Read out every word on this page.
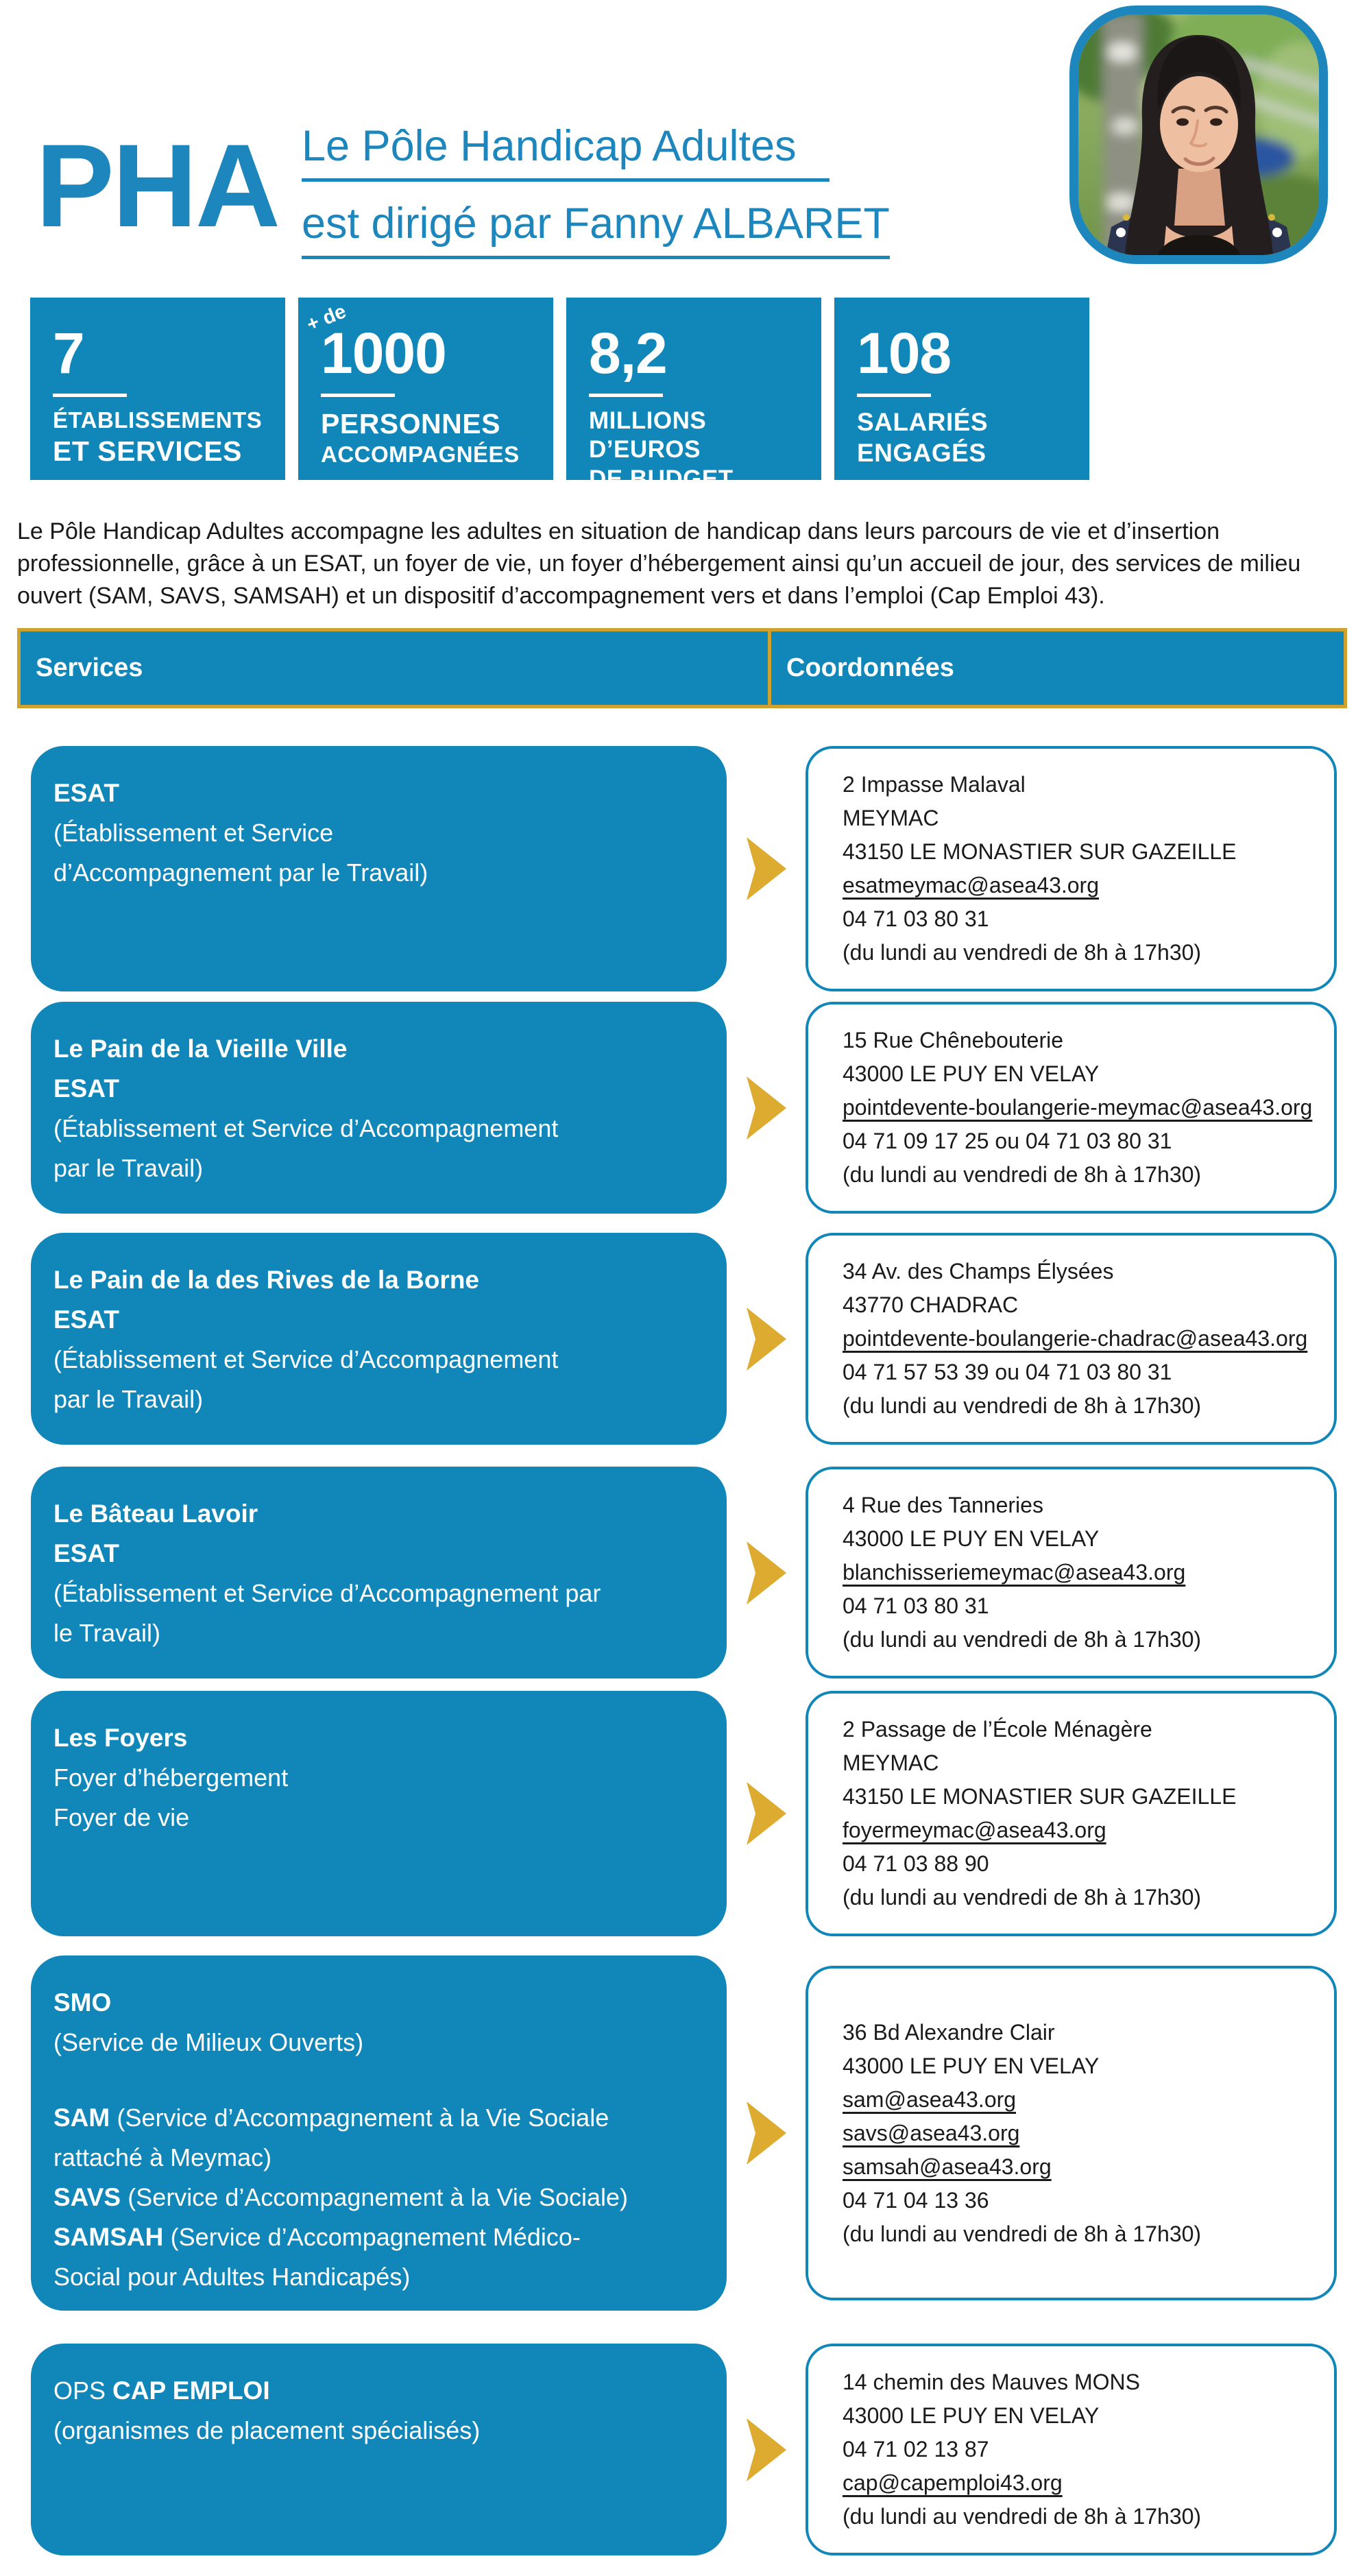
PHA Le Pôle Handicap Adultes
est dirigé par Fanny ALBARET
7
ÉTABLISSEMENTS
ET SERVICES
+ de
1000
PERSONNES
ACCOMPAGNÉES
8,2
MILLIONS
D’EUROS
DE BUDGET
108
SALARIÉS
ENGAGÉS

Le Pôle Handicap Adultes accompagne les adultes en situation de handicap dans leurs parcours de vie et d’insertion professionnelle, grâce à un ESAT, un foyer de vie, un foyer d’hébergement ainsi qu’un accueil de jour, des services de milieu ouvert (SAM, SAVS, SAMSAH) et un dispositif d’accompagnement vers et dans l’emploi (Cap Emploi 43).

Services	Coordonnées
ESAT
(Établissement et Service
d’Accompagnement par le Travail)
2 Impasse Malaval
MEYMAC
43150 LE MONASTIER SUR GAZEILLE
esatmeymac@asea43.org
04 71 03 80 31
(du lundi au vendredi de 8h à 17h30)
Le Pain de la Vieille Ville
ESAT
(Établissement et Service d’Accompagnement
par le Travail)
15 Rue Chênebouterie
43000 LE PUY EN VELAY
pointdevente-boulangerie-meymac@asea43.org
04 71 09 17 25 ou 04 71 03 80 31
(du lundi au vendredi de 8h à 17h30)
Le Pain de la des Rives de la Borne
ESAT
(Établissement et Service d’Accompagnement
par le Travail)
34 Av. des Champs Élysées
43770 CHADRAC
pointdevente-boulangerie-chadrac@asea43.org
04 71 57 53 39 ou 04 71 03 80 31
(du lundi au vendredi de 8h à 17h30)
Le Bâteau Lavoir
ESAT
(Établissement et Service d’Accompagnement par
le Travail)
4 Rue des Tanneries
43000 LE PUY EN VELAY
blanchisseriemeymac@asea43.org
04 71 03 80 31
(du lundi au vendredi de 8h à 17h30)
Les Foyers
Foyer d’hébergement
Foyer de vie
2 Passage de l’École Ménagère
MEYMAC
43150 LE MONASTIER SUR GAZEILLE
foyermeymac@asea43.org
04 71 03 88 90
(du lundi au vendredi de 8h à 17h30)
SMO
(Service de Milieux Ouverts)
SAM (Service d’Accompagnement à la Vie Sociale
rattaché à Meymac)
SAVS (Service d’Accompagnement à la Vie Sociale)
SAMSAH (Service d’Accompagnement Médico-
Social pour Adultes Handicapés)
36 Bd Alexandre Clair
43000 LE PUY EN VELAY
sam@asea43.org
savs@asea43.org
samsah@asea43.org
04 71 04 13 36
(du lundi au vendredi de 8h à 17h30)
OPS CAP EMPLOI
(organismes de placement spécialisés)
14 chemin des Mauves MONS
43000 LE PUY EN VELAY
04 71 02 13 87
cap@capemploi43.org
(du lundi au vendredi de 8h à 17h30)
